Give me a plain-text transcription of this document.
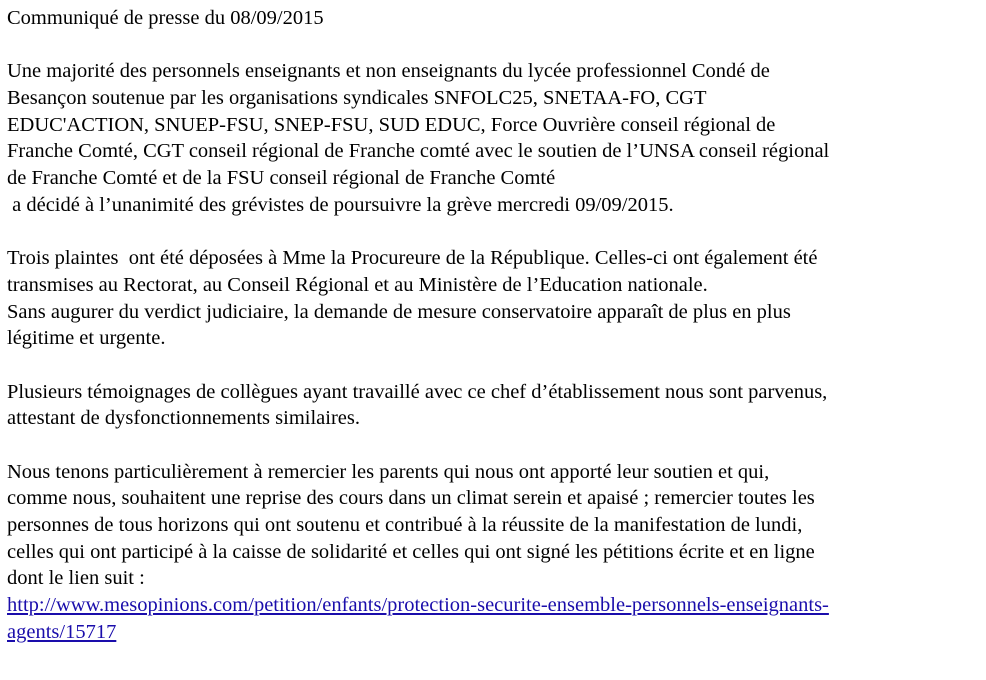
Communiqué de presse du 08/09/2015
Une majorité des personnels enseignants et non enseignants du lycée professionnel Condé de
Besançon soutenue par les organisations syndicales SNFOLC25, SNETAA-FO, CGT
EDUC'ACTION, SNUEP-FSU, SNEP-FSU, SUD EDUC, Force Ouvrière conseil régional de
Franche Comté, CGT conseil régional de Franche comté avec le soutien de l’UNSA conseil régional
de Franche Comté et de la FSU conseil régional de Franche Comté
a décidé à l’unanimité des grévistes de poursuivre la grève mercredi 09/09/2015.
Trois plaintes  ont été déposées à Mme la Procureure de la République. Celles-ci ont également été
transmises au Rectorat, au Conseil Régional et au Ministère de l’Education nationale.
Sans augurer du verdict judiciaire, la demande de mesure conservatoire apparaît de plus en plus
légitime et urgente.
Plusieurs témoignages de collègues ayant travaillé avec ce chef d’établissement nous sont parvenus,
attestant de dysfonctionnements similaires.
Nous tenons particulièrement à remercier les parents qui nous ont apporté leur soutien et qui,
comme nous, souhaitent une reprise des cours dans un climat serein et apaisé ; remercier toutes les
personnes de tous horizons qui ont soutenu et contribué à la réussite de la manifestation de lundi,
celles qui ont participé à la caisse de solidarité et celles qui ont signé les pétitions écrite et en ligne
dont le lien suit :
http://www.mesopinions.com/petition/enfants/protection-securite-ensemble-personnels-enseignants-
agents/15717
